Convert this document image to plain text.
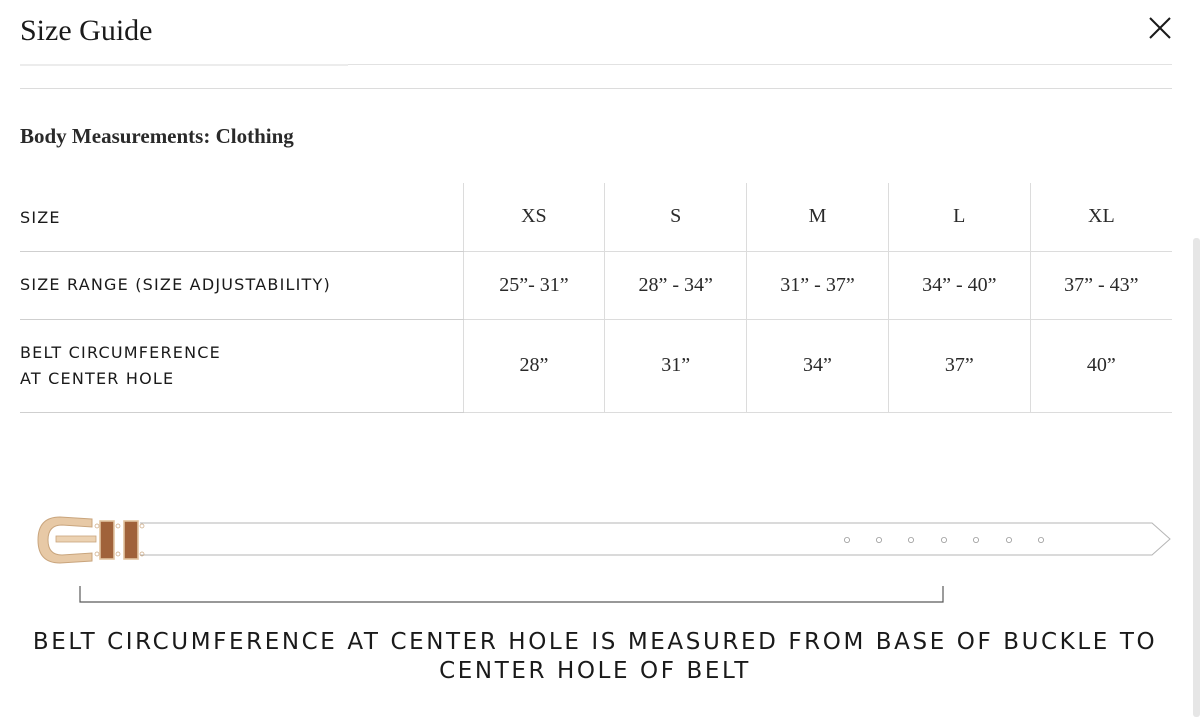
Size Guide
Body Measurements: Clothing
SIZE	XS	S	M	L	XL

SIZE RANGE (SIZE ADJUSTABILITY)	25”- 31”	28” - 34”	31” - 37”	34” - 40”	37” - 43”

BELT CIRCUMFERENCE
AT CENTER HOLE	28”	31”	34”	37”	40”
BELT CIRCUMFERENCE AT CENTER HOLE IS MEASURED FROM BASE OF BUCKLE TO CENTER HOLE OF BELT
